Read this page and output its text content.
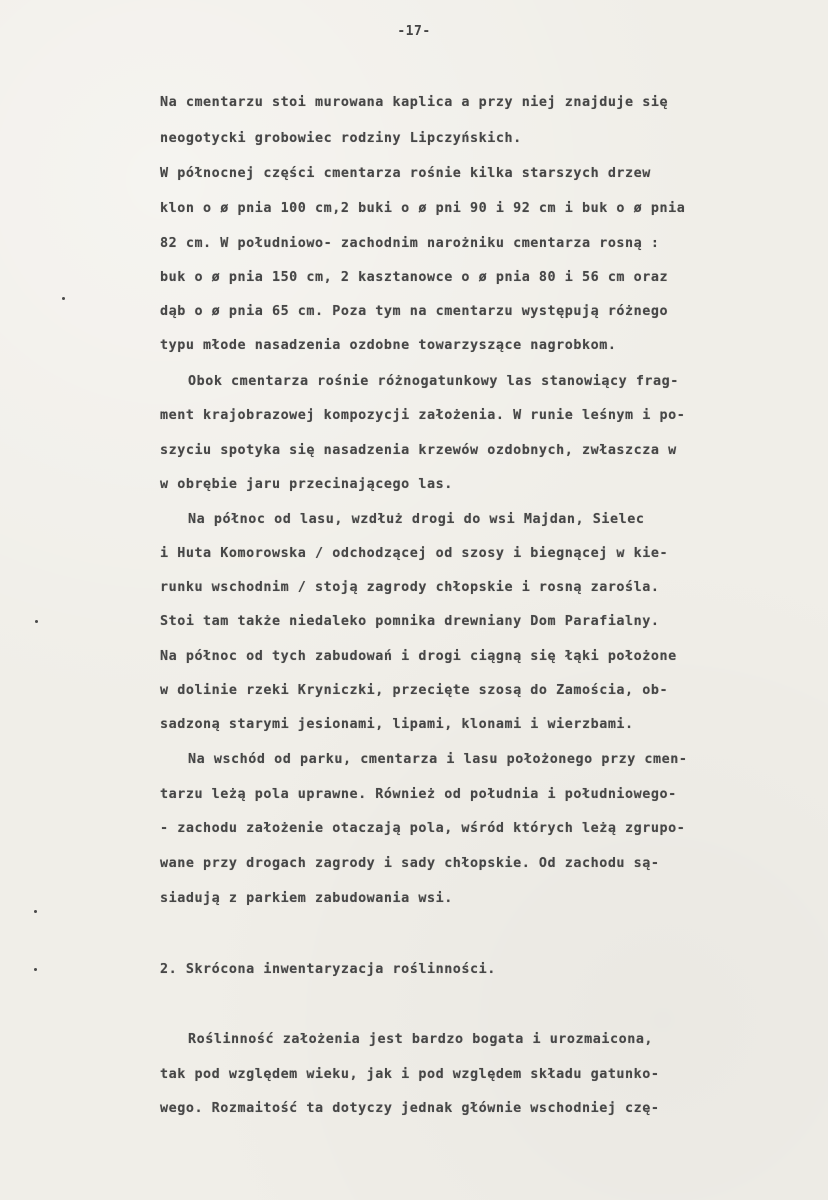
-17-
Na cmentarzu stoi murowana kaplica a przy niej znajduje się
neogotycki grobowiec rodziny Lipczyńskich.
W północnej części cmentarza rośnie kilka starszych drzew
klon o ø pnia 100 cm,2 buki o ø pni 90 i 92 cm i buk o ø pnia
82 cm. W południowo- zachodnim narożniku cmentarza rosną :
buk o ø pnia 150 cm, 2 kasztanowce o ø pnia 80 i 56 cm oraz
dąb o ø pnia 65 cm. Poza tym na cmentarzu występują różnego
typu młode nasadzenia ozdobne towarzyszące nagrobkom.
Obok cmentarza rośnie różnogatunkowy las stanowiący frag-
ment krajobrazowej kompozycji założenia. W runie leśnym i po-
szyciu spotyka się nasadzenia krzewów ozdobnych, zwłaszcza w
w obrębie jaru przecinającego las.
Na północ od lasu, wzdłuż drogi do wsi Majdan, Sielec
i Huta Komorowska / odchodzącej od szosy i biegnącej w kie-
runku wschodnim / stoją zagrody chłopskie i rosną zarośla.
Stoi tam także niedaleko pomnika drewniany Dom Parafialny.
Na północ od tych zabudowań i drogi ciągną się łąki położone
w dolinie rzeki Kryniczki, przecięte szosą do Zamościa, ob-
sadzoną starymi jesionami, lipami, klonami i wierzbami.
Na wschód od parku, cmentarza i lasu położonego przy cmen-
tarzu leżą pola uprawne. Również od południa i południowego-
- zachodu założenie otaczają pola, wśród których leżą zgrupo-
wane przy drogach zagrody i sady chłopskie. Od zachodu są-
siadują z parkiem zabudowania wsi.
2. Skrócona inwentaryzacja roślinności.
Roślinność założenia jest bardzo bogata i urozmaicona,
tak pod względem wieku, jak i pod względem składu gatunko-
wego. Rozmaitość ta dotyczy jednak głównie wschodniej czę-
